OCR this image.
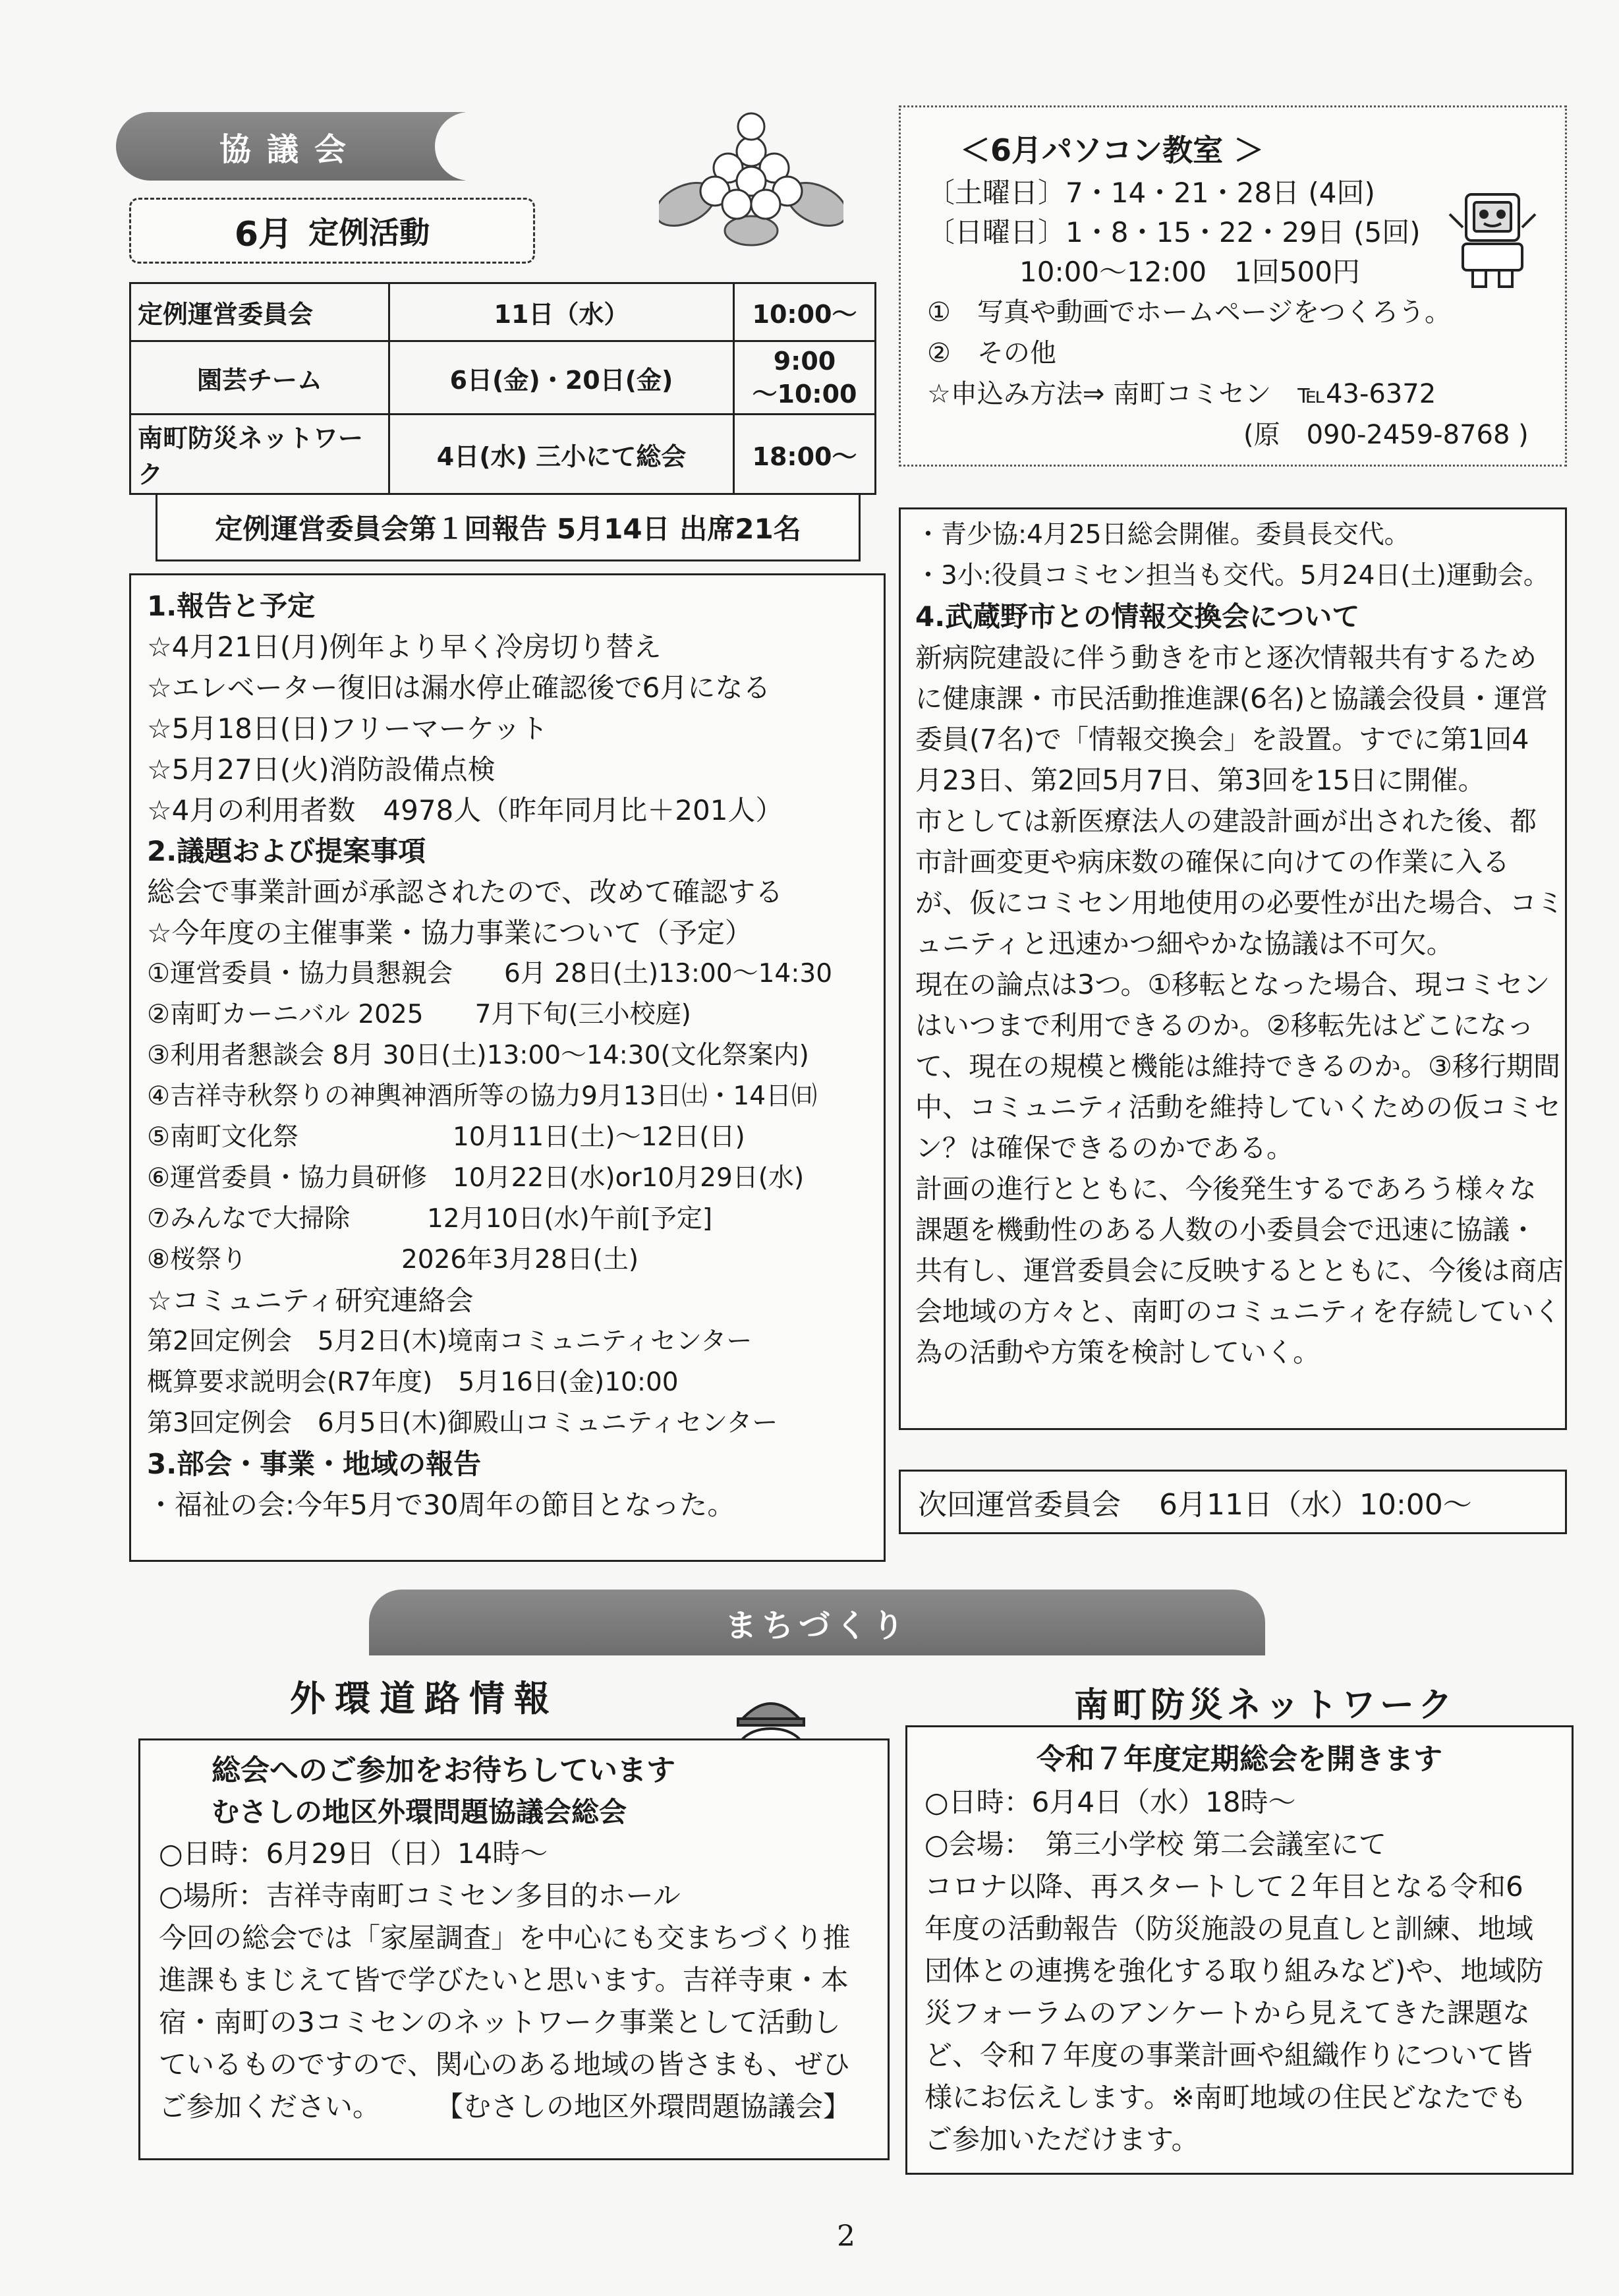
協議会
6月 定例活動
定例運営委員会	11日（水）	10:00～
園芸チーム	6日(金)・20日(金)	9:00
～10:00
南町防災ネットワーク	4日(水) 三小にて総会	18:00～
＜6月パソコン教室 ＞
〔土曜日〕7・14・21・28日 (4回)
〔日曜日〕1・8・15・22・29日 (5回)
10:00～12:00　1回500円
①　写真や動画でホームページをつくろう。
②　その他
☆申込み方法⇒ 南町コミセン　℡43-6372
(原　090-2459-8768 )
定例運営委員会第１回報告 5月14日 出席21名
1.報告と予定
☆4月21日(月)例年より早く冷房切り替え
☆エレベーター復旧は漏水停止確認後で6月になる
☆5月18日(日)フリーマーケット
☆5月27日(火)消防設備点検
☆4月の利用者数　4978人（昨年同月比＋201人）
2.議題および提案事項
総会で事業計画が承認されたので、改めて確認する
☆今年度の主催事業・協力事業について（予定）
①運営委員・協力員懇親会　　6月 28日(土)13:00～14:30
②南町カーニバル 2025　　7月下旬(三小校庭)
③利用者懇談会 8月 30日(土)13:00～14:30(文化祭案内)
④吉祥寺秋祭りの神輿神酒所等の協力9月13日㈯・14日㈰
⑤南町文化祭　　　　　　10月11日(土)～12日(日)
⑥運営委員・協力員研修　10月22日(水)or10月29日(水)
⑦みんなで大掃除　　　12月10日(水)午前[予定]
⑧桜祭り　　　　　　2026年3月28日(土)
☆コミュニティ研究連絡会
第2回定例会　5月2日(木)境南コミュニティセンター
概算要求説明会(R7年度)　5月16日(金)10:00
第3回定例会　6月5日(木)御殿山コミュニティセンター
3.部会・事業・地域の報告
・福祉の会:今年5月で30周年の節目となった。
・青少協:4月25日総会開催。委員長交代。
・3小:役員コミセン担当も交代。5月24日(土)運動会。
4.武蔵野市との情報交換会について
新病院建設に伴う動きを市と逐次情報共有するため
に健康課・市民活動推進課(6名)と協議会役員・運営
委員(7名)で「情報交換会」を設置。すでに第1回4
月23日、第2回5月7日、第3回を15日に開催。
市としては新医療法人の建設計画が出された後、都
市計画変更や病床数の確保に向けての作業に入る
が、仮にコミセン用地使用の必要性が出た場合、コミ
ュニティと迅速かつ細やかな協議は不可欠。
現在の論点は3つ。①移転となった場合、現コミセン
はいつまで利用できるのか。②移転先はどこになっ
て、現在の規模と機能は維持できるのか。③移行期間
中、コミュニティ活動を維持していくための仮コミセ
ン？は確保できるのかである。
計画の進行とともに、今後発生するであろう様々な
課題を機動性のある人数の小委員会で迅速に協議・
共有し、運営委員会に反映するとともに、今後は商店
会地域の方々と、南町のコミュニティを存続していく
為の活動や方策を検討していく。
次回運営委員会　 6月11日（水）10:00～
まちづくり
外環道路情報
総会へのご参加をお待ちしています
むさしの地区外環問題協議会総会
○日時：6月29日（日）14時～
○場所：吉祥寺南町コミセン多目的ホール
今回の総会では「家屋調査」を中心にも交まちづくり推
進課もまじえて皆で学びたいと思います。吉祥寺東・本
宿・南町の3コミセンのネットワーク事業として活動し
ているものですので、関心のある地域の皆さまも、ぜひ
ご参加ください。　　　【むさしの地区外環問題協議会】
南町防災ネットワーク
令和７年度定期総会を開きます
○日時：6月4日（水）18時～
○会場：　第三小学校 第二会議室にて
コロナ以降、再スタートして２年目となる令和6
年度の活動報告（防災施設の見直しと訓練、地域
団体との連携を強化する取り組みなど)や、地域防
災フォーラムのアンケートから見えてきた課題な
ど、令和７年度の事業計画や組織作りについて皆
様にお伝えします。※南町地域の住民どなたでも
ご参加いただけます。
2
